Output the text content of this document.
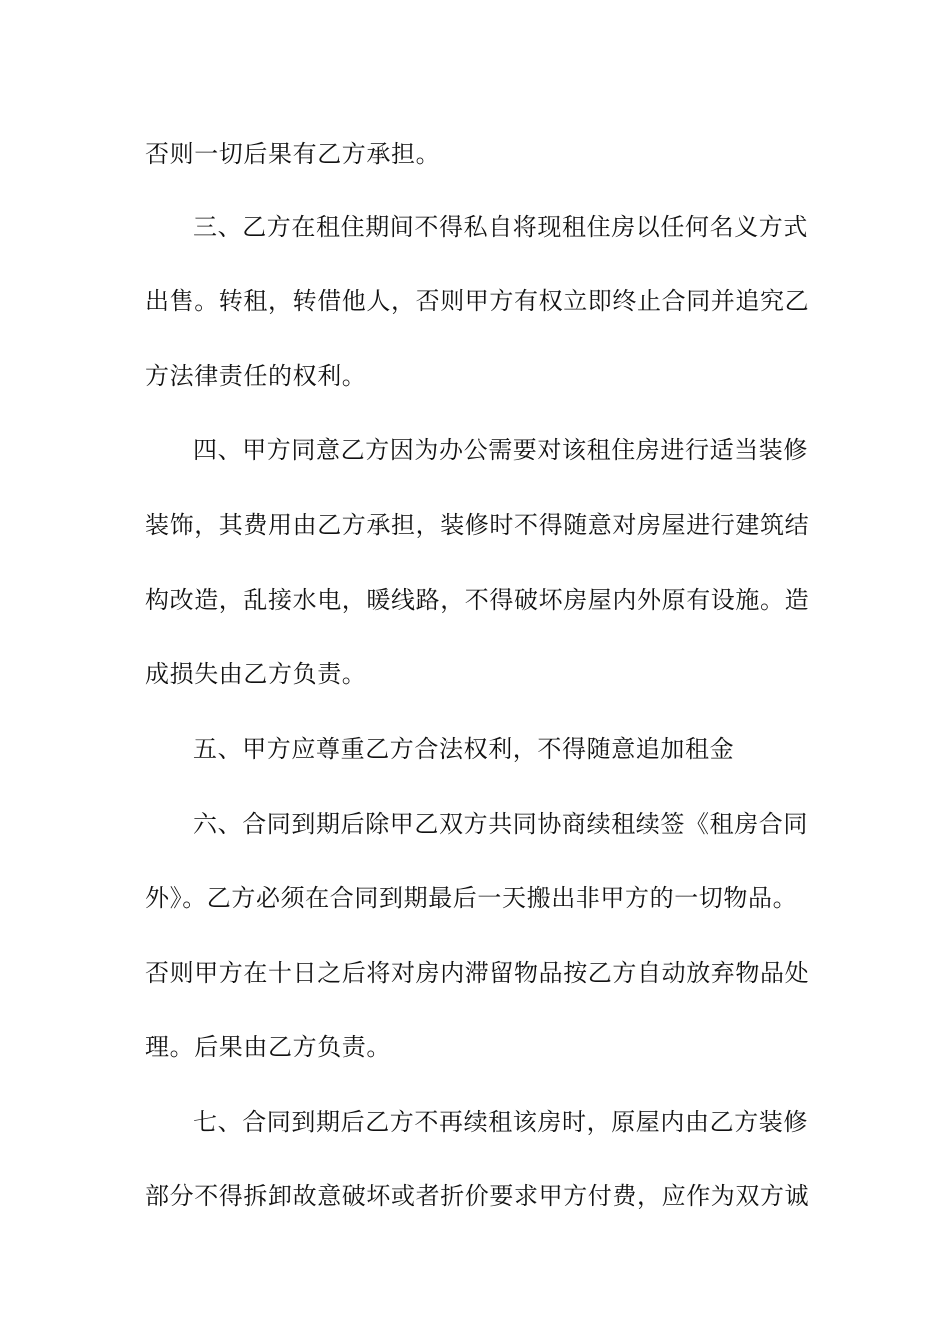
否则一切后果有乙方承担。

三、乙方在租住期间不得私自将现租住房以任何名义方式

出售。转租，转借他人，否则甲方有权立即终止合同并追究乙

方法律责任的权利。

四、甲方同意乙方因为办公需要对该租住房进行适当装修

装饰，其费用由乙方承担，装修时不得随意对房屋进行建筑结

构改造，乱接水电，暖线路，不得破坏房屋内外原有设施。造

成损失由乙方负责。

五、甲方应尊重乙方合法权利，不得随意追加租金

六、合同到期后除甲乙双方共同协商续租续签《租房合同

外》。乙方必须在合同到期最后一天搬出非甲方的一切物品。

否则甲方在十日之后将对房内滞留物品按乙方自动放弃物品处

理。后果由乙方负责。

七、合同到期后乙方不再续租该房时，原屋内由乙方装修

部分不得拆卸故意破坏或者折价要求甲方付费，应作为双方诚
